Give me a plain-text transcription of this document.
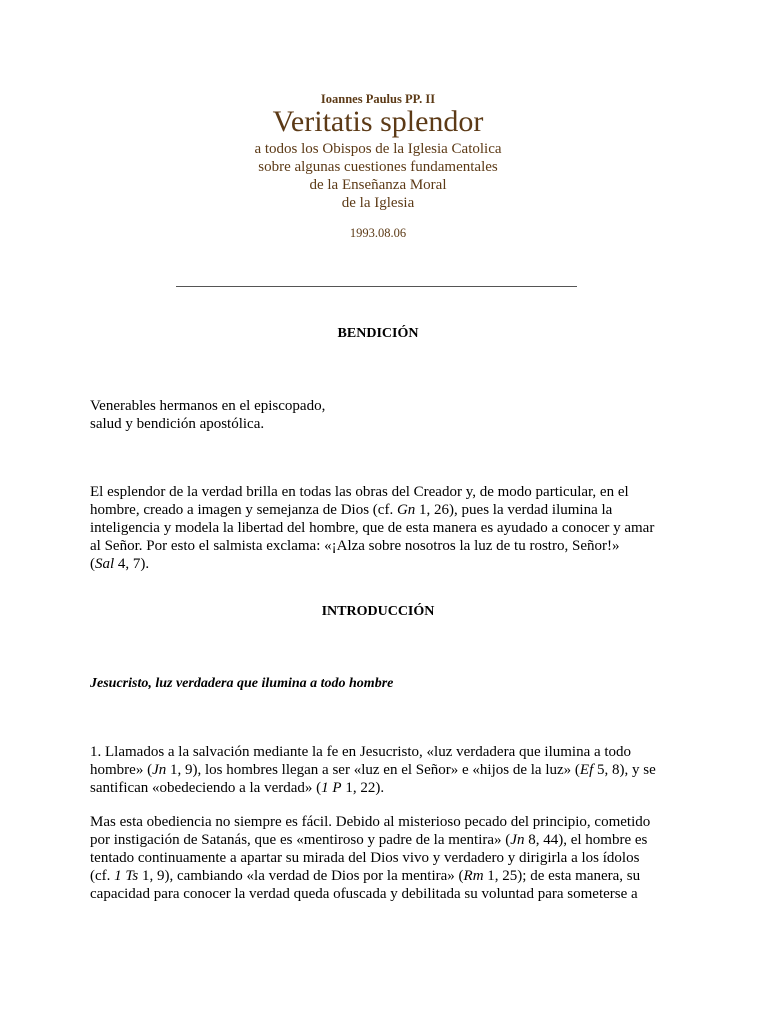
Ioannes Paulus PP. II
Veritatis splendor
a todos los Obispos de la Iglesia Catolica
sobre algunas cuestiones fundamentales
de la Enseñanza Moral
de la Iglesia
1993.08.06
BENDICIÓN
Venerables hermanos en el episcopado,
salud y bendición apostólica.
El esplendor de la verdad brilla en todas las obras del Creador y, de modo particular, en el
hombre, creado a imagen y semejanza de Dios (cf. Gn 1, 26), pues la verdad ilumina la
inteligencia y modela la libertad del hombre, que de esta manera es ayudado a conocer y amar
al Señor. Por esto el salmista exclama: «¡Alza sobre nosotros la luz de tu rostro, Señor!»
(Sal 4, 7).
INTRODUCCIÓN
Jesucristo, luz verdadera que ilumina a todo hombre
1. Llamados a la salvación mediante la fe en Jesucristo, «luz verdadera que ilumina a todo
hombre» (Jn 1, 9), los hombres llegan a ser «luz en el Señor» e «hijos de la luz» (Ef 5, 8), y se
santifican «obedeciendo a la verdad» (1 P 1, 22).
Mas esta obediencia no siempre es fácil. Debido al misterioso pecado del principio, cometido
por instigación de Satanás, que es «mentiroso y padre de la mentira» (Jn 8, 44), el hombre es
tentado continuamente a apartar su mirada del Dios vivo y verdadero y dirigirla a los ídolos
(cf. 1 Ts 1, 9), cambiando «la verdad de Dios por la mentira» (Rm 1, 25); de esta manera, su
capacidad para conocer la verdad queda ofuscada y debilitada su voluntad para someterse a
